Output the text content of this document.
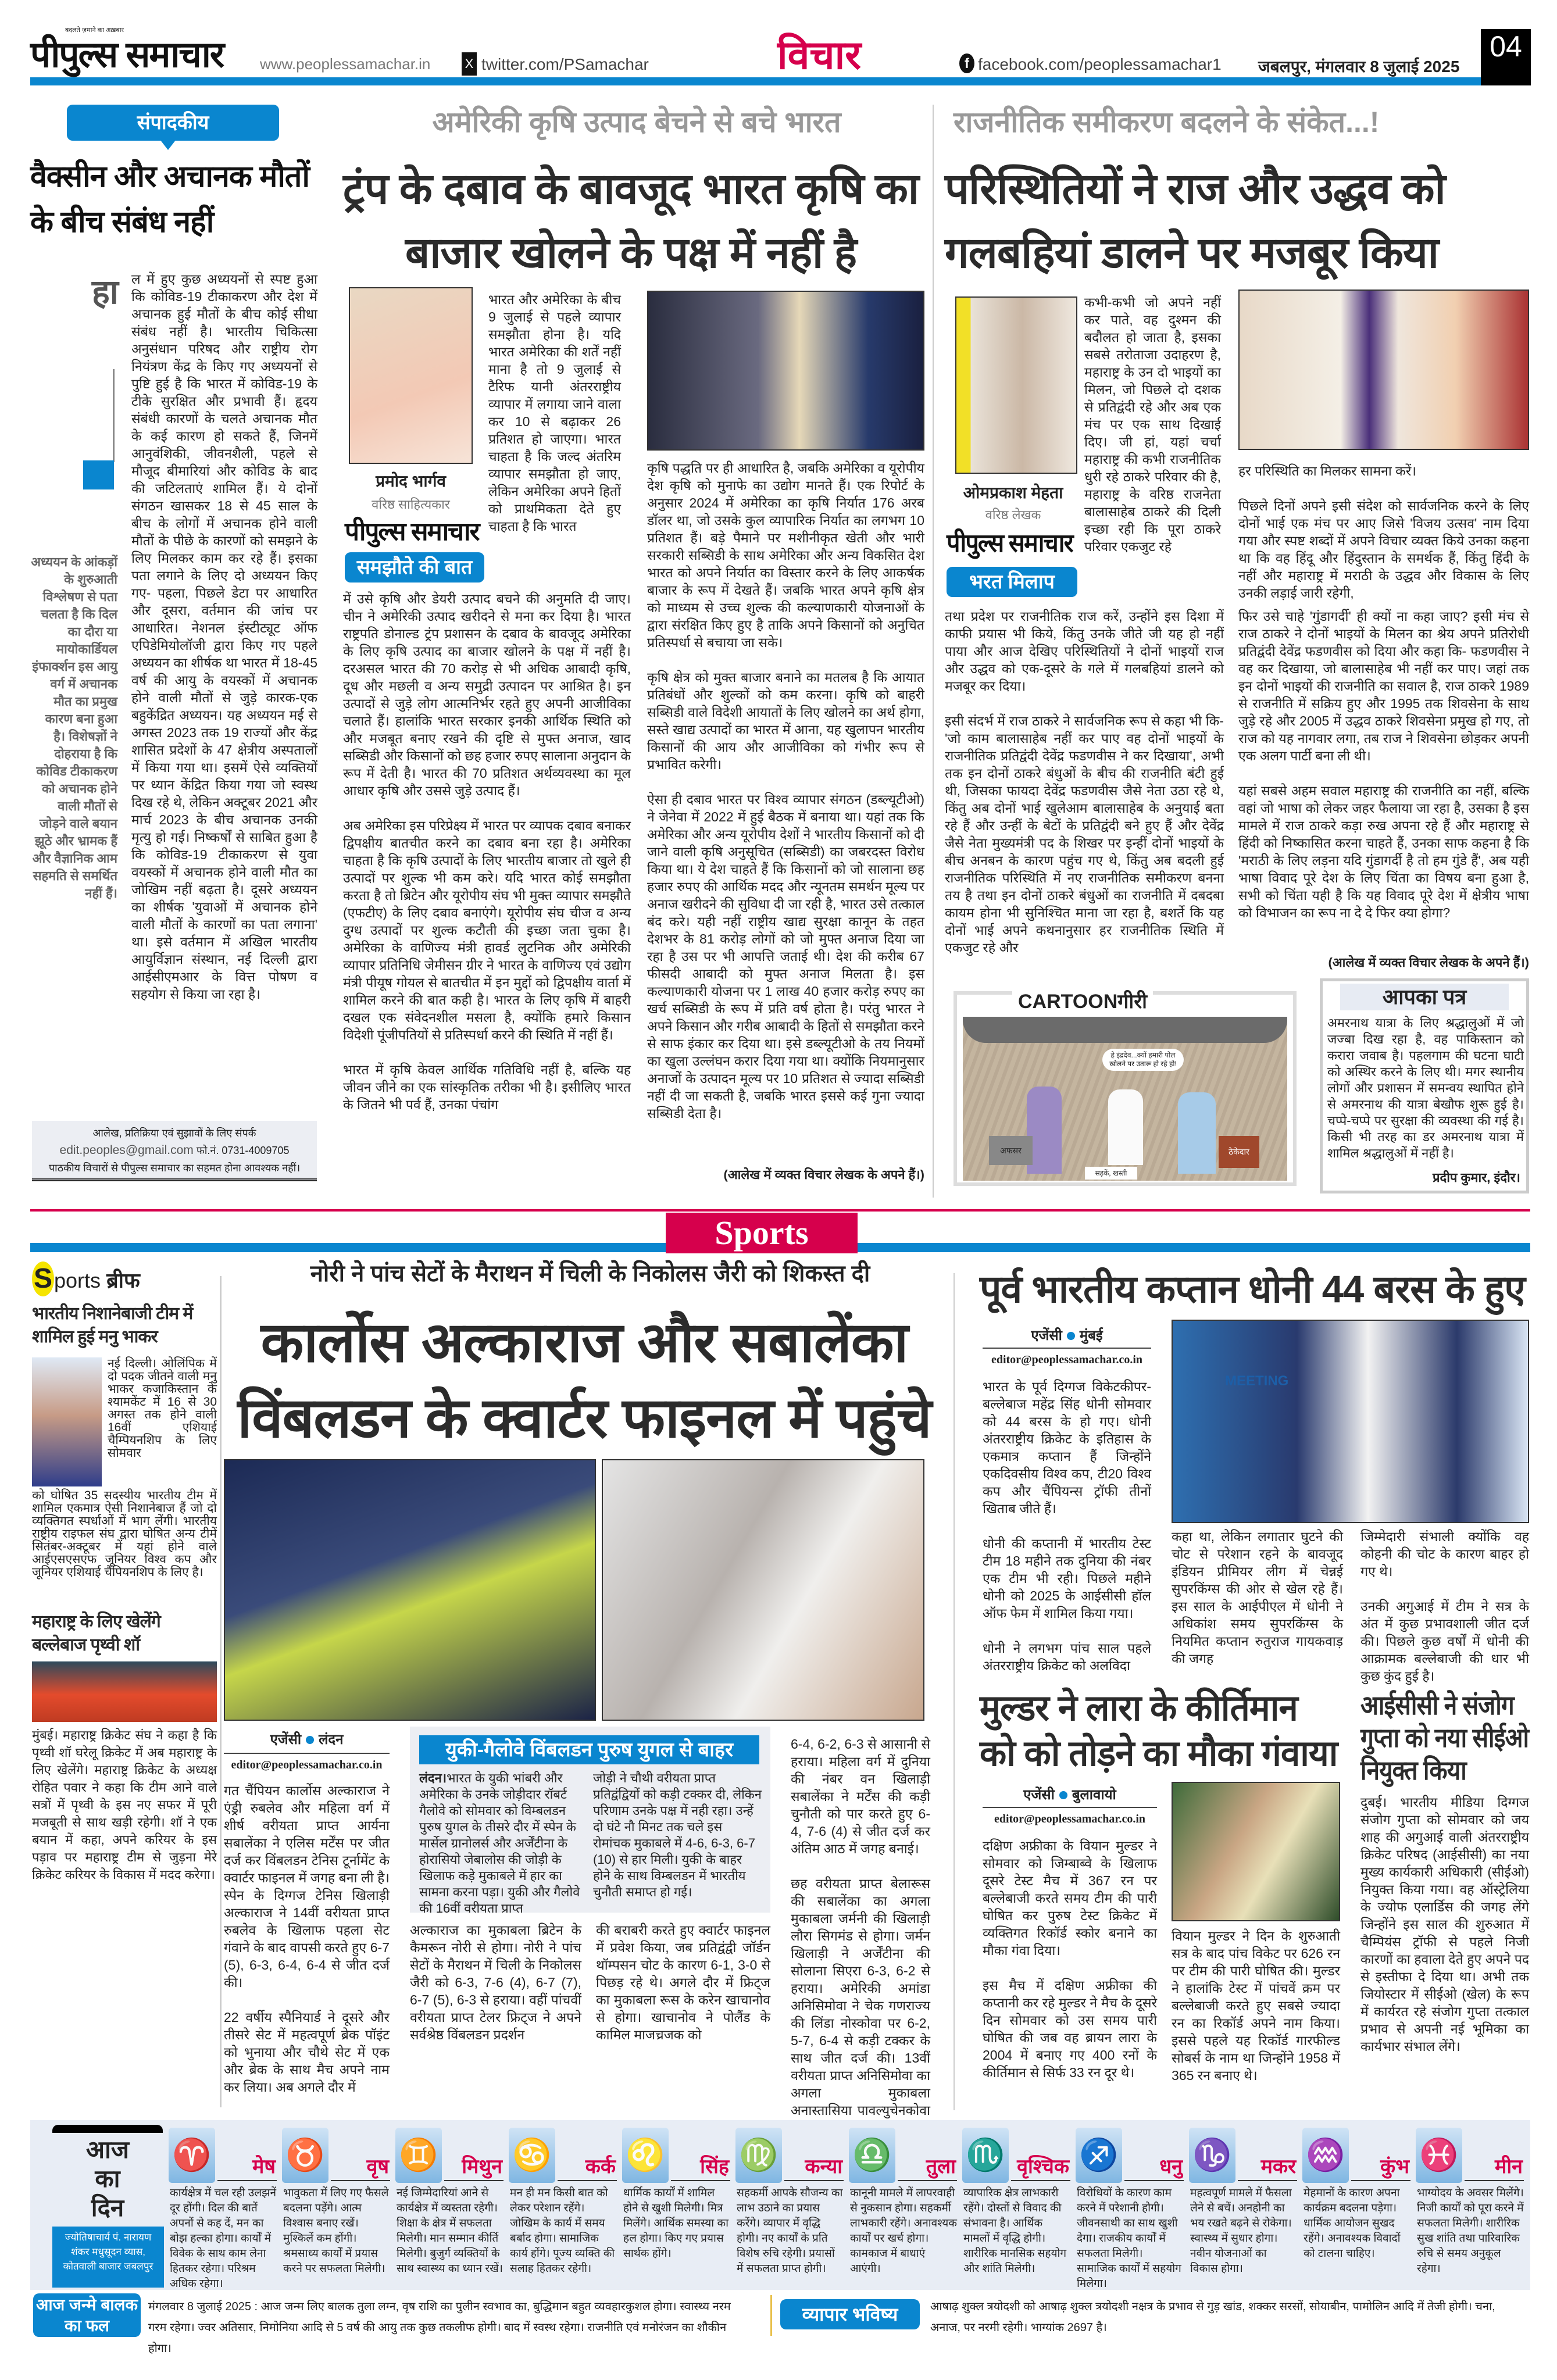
बदलते ज़माने का अख़बार
पीपुल्स समाचार www.peoplessamachar.in	X twitter.com/PSamachar	विचार	f facebook.com/peoplessamachar1 जबलपुर, मंगलवार 8 जुलाई 2025
04
संपादकीय
वैक्सीन और अचानक मौतों के बीच संबंध नहीं
हा
अध्ययन के आंकड़ों के शुरुआती विश्लेषण से पता चलता है कि दिल का दौरा या मायोकार्डियल इंफार्क्शन इस आयु वर्ग में अचानक मौत का प्रमुख कारण बना हुआ है। विशेषज्ञों ने दोहराया है कि कोविड टीकाकरण को अचानक होने वाली मौतों से जोड़ने वाले बयान झूठे और भ्रामक हैं और वैज्ञानिक आम सहमति से समर्थित नहीं हैं।
ल में हुए कुछ अध्ययनों से स्पष्ट हुआ कि कोविड-19 टीकाकरण और देश में अचानक हुई मौतों के बीच कोई सीधा संबंध नहीं है। भारतीय चिकित्सा अनुसंधान परिषद और राष्ट्रीय रोग नियंत्रण केंद्र के किए गए अध्ययनों से पुष्टि हुई है कि भारत में कोविड-19 के टीके सुरक्षित और प्रभावी हैं। हृदय संबंधी कारणों के चलते अचानक मौत के कई कारण हो सकते हैं, जिनमें आनुवंशिकी, जीवनशैली, पहले से मौजूद बीमारियां और कोविड के बाद की जटिलताएं शामिल हैं। ये दोनों संगठन खासकर 18 से 45 साल के बीच के लोगों में अचानक होने वाली मौतों के पीछे के कारणों को समझने के लिए मिलकर काम कर रहे हैं। इसका पता लगाने के लिए दो अध्ययन किए गए- पहला, पिछले डेटा पर आधारित और दूसरा, वर्तमान की जांच पर आधारित। नेशनल इंस्टीट्यूट ऑफ एपिडेमियोलॉजी द्वारा किए गए पहले अध्ययन का शीर्षक था भारत में 18-45 वर्ष की आयु के वयस्कों में अचानक होने वाली मौतों से जुड़े कारक-एक बहुकेंद्रित अध्ययन। यह अध्ययन मई से अगस्त 2023 तक 19 राज्यों और केंद्र शासित प्रदेशों के 47 क्षेत्रीय अस्पतालों में किया गया था। इसमें ऐसे व्यक्तियों पर ध्यान केंद्रित किया गया जो स्वस्थ दिख रहे थे, लेकिन अक्टूबर 2021 और मार्च 2023 के बीच अचानक उनकी मृत्यु हो गई। निष्कर्षों से साबित हुआ है कि कोविड-19 टीकाकरण से युवा वयस्कों में अचानक होने वाली मौत का जोखिम नहीं बढ़ता है। दूसरे अध्ययन का शीर्षक 'युवाओं में अचानक होने वाली मौतों के कारणों का पता लगाना' था। इसे वर्तमान में अखिल भारतीय आयुर्विज्ञान संस्थान, नई दिल्ली द्वारा आईसीएमआर के वित्त पोषण व सहयोग से किया जा रहा है।
आलेख, प्रतिक्रिया एवं सुझावों के लिए संपर्क
edit.peoples@gmail.com फो.नं. 0731-4009705
पाठकीय विचारों से पीपुल्स समाचार का सहमत होना आवश्यक नहीं।
अमेरिकी कृषि उत्पाद बेचने से बचे भारत
ट्रंप के दबाव के बावजूद भारत कृषि का बाजार खोलने के पक्ष में नहीं है
प्रमोद भार्गव
वरिष्ठ साहित्यकार
पीपुल्स समाचार
समझौते की बात
भारत और अमेरिका के बीच 9 जुलाई से पहले व्यापार समझौता होना है। यदि भारत अमेरिका की शर्तें नहीं माना है तो 9 जुलाई से टैरिफ यानी अंतरराष्ट्रीय व्यापार में लगाया जाने वाला कर 10 से बढ़ाकर 26 प्रतिशत हो जाएगा। भारत चाहता है कि जल्द अंतरिम व्यापार समझौता हो जाए, लेकिन अमेरिका अपने हितों को प्राथमिकता देते हुए चाहता है कि भारत
कृषि पद्धति पर ही आधारित है, जबकि अमेरिका व यूरोपीय देश कृषि को मुनाफे का उद्योग मानते हैं। एक रिपोर्ट के अनुसार 2024 में अमेरिका का कृषि निर्यात 176 अरब डॉलर था, जो उसके कुल व्यापारिक निर्यात का लगभग 10 प्रतिशत हैं। बड़े पैमाने पर मशीनीकृत खेती और भारी सरकारी सब्सिडी के साथ अमेरिका और अन्य विकसित देश भारत को अपने निर्यात का विस्तार करने के लिए आकर्षक बाजार के रूप में देखते हैं। जबकि भारत अपने कृषि क्षेत्र को माध्यम से उच्च शुल्क की कल्याणकारी योजनाओं के द्वारा संरक्षित किए हुए है ताकि अपने किसानों को अनुचित प्रतिस्पर्धा से बचाया जा सके।

कृषि क्षेत्र को मुक्त बाजार बनाने का मतलब है कि आयात प्रतिबंधों और शुल्कों को कम करना। कृषि को बाहरी सब्सिडी वाले विदेशी आयातों के लिए खोलने का अर्थ होगा, सस्ते खाद्य उत्पादों का भारत में आना, यह खुलापन भारतीय किसानों की आय और आजीविका को गंभीर रूप से प्रभावित करेगी।

ऐसा ही दबाव भारत पर विश्व व्यापार संगठन (डब्ल्यूटीओ) ने जेनेवा में 2022 में हुई बैठक में बनाया था। यहां तक कि अमेरिका और अन्य यूरोपीय देशों ने भारतीय किसानों को दी जाने वाली कृषि अनुसूचित (सब्सिडी) का जबरदस्त विरोध किया था। ये देश चाहते हैं कि किसानों को जो सालाना छह हजार रुपए की आर्थिक मदद और न्यूनतम समर्थन मूल्य पर अनाज खरीदने की सुविधा दी जा रही है, भारत उसे तत्काल बंद करे। यही नहीं राष्ट्रीय खाद्य सुरक्षा कानून के तहत देशभर के 81 करोड़ लोगों को जो मुफ्त अनाज दिया जा रहा है उस पर भी आपत्ति जताई थी। देश की करीब 67 फीसदी आबादी को मुफ्त अनाज मिलता है। इस कल्याणकारी योजना पर 1 लाख 40 हजार करोड़ रुपए का खर्च सब्सिडी के रूप में प्रति वर्ष होता है। परंतु भारत ने अपने किसान और गरीब आबादी के हितों से समझौता करने से साफ इंकार कर दिया था। इसे डब्ल्यूटीओ के तय नियमों का खुला उल्लंघन करार दिया गया था। क्योंकि नियमानुसार अनाजों के उत्पादन मूल्य पर 10 प्रतिशत से ज्यादा सब्सिडी नहीं दी जा सकती है, जबकि भारत इससे कई गुना ज्यादा सब्सिडी देता है।
में उसे कृषि और डेयरी उत्पाद बचने की अनुमति दी जाए। चीन ने अमेरिकी उत्पाद खरीदने से मना कर दिया है। भारत राष्ट्रपति डोनाल्ड ट्रंप प्रशासन के दबाव के बावजूद अमेरिका के लिए कृषि उत्पाद का बाजार खोलने के पक्ष में नहीं है। दरअसल भारत की 70 करोड़ से भी अधिक आबादी कृषि, दूध और मछली व अन्य समुद्री उत्पादन पर आश्रित है। इन उत्पादों से जुड़े लोग आत्मनिर्भर रहते हुए अपनी आजीविका चलाते हैं। हालांकि भारत सरकार इनकी आर्थिक स्थिति को और मजबूत बनाए रखने की दृष्टि से मुफ्त अनाज, खाद सब्सिडी और किसानों को छह हजार रुपए सालाना अनुदान के रूप में देती है। भारत की 70 प्रतिशत अर्थव्यवस्था का मूल आधार कृषि और उससे जुड़े उत्पाद हैं।

अब अमेरिका इस परिप्रेक्ष्य में भारत पर व्यापक दबाव बनाकर द्विपक्षीय बातचीत करने का दबाव बना रहा है। अमेरिका चाहता है कि कृषि उत्पादों के लिए भारतीय बाजार तो खुले ही उत्पादों पर शुल्क भी कम करे। यदि भारत कोई समझौता करता है तो ब्रिटेन और यूरोपीय संघ भी मुक्त व्यापार समझौते (एफटीए) के लिए दबाव बनाएंगे। यूरोपीय संघ चीज व अन्य दुग्ध उत्पादों पर शुल्क कटौती की इच्छा जता चुका है। अमेरिका के वाणिज्य मंत्री हावर्ड लुटनिक और अमेरिकी व्यापार प्रतिनिधि जेमीसन ग्रीर ने भारत के वाणिज्य एवं उद्योग मंत्री पीयूष गोयल से बातचीत में इन मुद्दों को द्विपक्षीय वार्ता में शामिल करने की बात कही है। भारत के लिए कृषि में बाहरी दखल एक संवेदनशील मसला है, क्योंकि हमारे किसान विदेशी पूंजीपतियों से प्रतिस्पर्धा करने की स्थिति में नहीं हैं।

भारत में कृषि केवल आर्थिक गतिविधि नहीं है, बल्कि यह जीवन जीने का एक सांस्कृतिक तरीका भी है। इसीलिए भारत के जितने भी पर्व हैं, उनका पंचांग
(आलेख में व्यक्त विचार लेखक के अपने हैं।)
राजनीतिक समीकरण बदलने के संकेत...!
परिस्थितियों ने राज और उद्धव को गलबहियां डालने पर मजबूर किया
ओमप्रकाश मेहता
वरिष्ठ लेखक
पीपुल्स समाचार
भरत मिलाप
कभी-कभी जो अपने नहीं कर पाते, वह दुश्मन की बदौलत हो जाता है, इसका सबसे तरोताजा उदाहरण है, महाराष्ट्र के उन दो भाइयों का मिलन, जो पिछले दो दशक से प्रतिद्वंदी रहे और अब एक मंच पर एक साथ दिखाई दिए। जी हां, यहां चर्चा महाराष्ट्र की कभी राजनीतिक धुरी रहे ठाकरे परिवार की है, महाराष्ट्र के वरिष्ठ राजनेता बालासाहेब ठाकरे की दिली इच्छा रही कि पूरा ठाकरे परिवार एकजुट रहे
हर परिस्थिति का मिलकर सामना करें।

पिछले दिनों अपने इसी संदेश को सार्वजनिक करने के लिए दोनों भाई एक मंच पर आए जिसे 'विजय उत्सव' नाम दिया गया और स्पष्ट शब्दों में अपने विचार व्यक्त किये उनका कहना था कि वह हिंदू और हिंदुस्तान के समर्थक हैं, किंतु हिंदी के नहीं और महाराष्ट्र में मराठी के उद्धव और विकास के लिए उनकी लड़ाई जारी रहेगी,
तथा प्रदेश पर राजनीतिक राज करें, उन्होंने इस दिशा में काफी प्रयास भी किये, किंतु उनके जीते जी यह हो नहीं पाया और आज देखिए परिस्थितियों ने दोनों भाइयों राज और उद्धव को एक-दूसरे के गले में गलबहियां डालने को मजबूर कर दिया।

इसी संदर्भ में राज ठाकरे ने सार्वजनिक रूप से कहा भी कि- 'जो काम बालासाहेब नहीं कर पाए वह दोनों भाइयों के राजनीतिक प्रतिद्वंदी देवेंद्र फडणवीस ने कर दिखाया', अभी तक इन दोनों ठाकरे बंधुओं के बीच की राजनीति बंटी हुई थी, जिसका फायदा देवेंद्र फडणवीस जैसे नेता उठा रहे थे, किंतु अब दोनों भाई खुलेआम बालासाहेब के अनुयाई बता रहे हैं और उन्हीं के बेटों के प्रतिद्वंदी बने हुए हैं और देवेंद्र जैसे नेता मुख्यमंत्री पद के शिखर पर इन्हीं दोनों भाइयों के बीच अनबन के कारण पहुंच गए थे, किंतु अब बदली हुई राजनीतिक परिस्थिति में नए राजनीतिक समीकरण बनना तय है तथा इन दोनों ठाकरे बंधुओं का राजनीति में दबदबा कायम होना भी सुनिश्चित माना जा रहा है, बशर्ते कि यह दोनों भाई अपने कथनानुसार हर राजनीतिक स्थिति में एकजुट रहे और
फिर उसे चाहे 'गुंडागर्दी' ही क्यों ना कहा जाए? इसी मंच से राज ठाकरे ने दोनों भाइयों के मिलन का श्रेय अपने प्रतिरोधी प्रतिद्वंदी देवेंद्र फडणवीस को दिया और कहा कि- फडणवीस ने वह कर दिखाया, जो बालासाहेब भी नहीं कर पाए। जहां तक इन दोनों भाइयों की राजनीति का सवाल है, राज ठाकरे 1989 से राजनीति में सक्रिय हुए और 1995 तक शिवसेना के साथ जुड़े रहे और 2005 में उद्धव ठाकरे शिवसेना प्रमुख हो गए, तो राज को यह नागवार लगा, तब राज ने शिवसेना छोड़कर अपनी एक अलग पार्टी बना ली थी।

यहां सबसे अहम सवाल महाराष्ट्र की राजनीति का नहीं, बल्कि वहां जो भाषा को लेकर जहर फैलाया जा रहा है, उसका है इस मामले में राज ठाकरे कड़ा रुख अपना रहे हैं और महाराष्ट्र से हिंदी को निष्कासित करना चाहते हैं, उनका साफ कहना है कि 'मराठी के लिए लड़ना यदि गुंडागर्दी है तो हम गुंडे हैं', अब यही भाषा विवाद पूरे देश के लिए चिंता का विषय बना हुआ है, सभी को चिंता यही है कि यह विवाद पूरे देश में क्षेत्रीय भाषा को विभाजन का रूप ना दे दे फिर क्या होगा?
(आलेख में व्यक्त विचार लेखक के अपने हैं।)
CARTOONगीरी
हे इंद्रदेव...क्यों हमारी पोल खोलने पर उतारू हो रहे हो!
अफसर	ठेकेदार
सड़कें, खस्ती
आपका पत्र
अमरनाथ यात्रा के लिए श्रद्धालुओं में जो जज्बा दिख रहा है, वह पाकिस्तान को करारा जवाब है। पहलगाम की घटना घाटी को अस्थिर करने के लिए थी। मगर स्थानीय लोगों और प्रशासन में समन्वय स्थापित होने से अमरनाथ की यात्रा बेखौफ शुरू हुई है। चप्पे-चप्पे पर सुरक्षा की व्यवस्था की गई है। किसी भी तरह का डर अमरनाथ यात्रा में शामिल श्रद्धालुओं में नहीं है।
प्रदीप कुमार, इंदौर।
Sports
Sports ब्रीफ
भारतीय निशानेबाजी टीम में शामिल हुई मनु भाकर
नई दिल्ली। ओलिंपिक में दो पदक जीतने वाली मनु भाकर कजाकिस्तान के श्यामकेंट में 16 से 30 अगस्त तक होने वाली 16वीं एशियाई चैम्पियनशिप के लिए सोमवार
को घोषित 35 सदस्यीय भारतीय टीम में शामिल एकमात्र ऐसी निशानेबाज हैं जो दो व्यक्तिगत स्पर्धाओं में भाग लेंगी। भारतीय राष्ट्रीय राइफल संघ द्वारा घोषित अन्य टीमें सितंबर-अक्टूबर में यहां होने वाले आईएसएसएफ जूनियर विश्व कप और जूनियर एशियाई चैंपियनशिप के लिए है।
महाराष्ट्र के लिए खेलेंगे बल्लेबाज पृथ्वी शॉ
मुंबई। महाराष्ट्र क्रिकेट संघ ने कहा है कि पृथ्वी शॉ घरेलू क्रिकेट में अब महाराष्ट्र के लिए खेलेंगे। महाराष्ट्र क्रिकेट के अध्यक्ष रोहित पवार ने कहा कि टीम आने वाले सत्रों में पृथ्वी के इस नए सफर में पूरी मजबूती से साथ खड़ी रहेगी। शॉ ने एक बयान में कहा, अपने करियर के इस पड़ाव पर महाराष्ट्र टीम से जुड़ना मेरे क्रिकेट करियर के विकास में मदद करेगा।
नोरी ने पांच सेटों के मैराथन में चिली के निकोलस जैरी को शिकस्त दी
कार्लोस अल्काराज और सबालेंका
विंबलडन के क्वार्टर फाइनल में पहुंचे
एजेंसी लंदन
editor@peoplessamachar.co.in
गत चैंपियन कार्लोस अल्काराज ने एंड्री रुबलेव और महिला वर्ग में शीर्ष वरीयता प्राप्त आर्यना सबालेंका ने एलिस मर्टेंस पर जीत दर्ज कर विंबलडन टेनिस टूर्नामेंट के क्वार्टर फाइनल में जगह बना ली है। स्पेन के दिग्गज टेनिस खिलाड़ी अल्काराज ने 14वीं वरीयता प्राप्त रुबलेव के खिलाफ पहला सेट गंवाने के बाद वापसी करते हुए 6-7 (5), 6-3, 6-4, 6-4 से जीत दर्ज की।

22 वर्षीय स्पैनियार्ड ने दूसरे और तीसरे सेट में महत्वपूर्ण ब्रेक पॉइंट को भुनाया और चौथे सेट में एक और ब्रेक के साथ मैच अपने नाम कर लिया। अब अगले दौर में
युकी-गैलोवे विंबलडन पुरुष युगल से बाहर
लंदन।भारत के युकी भांबरी और अमेरिका के उनके जोड़ीदार रॉबर्ट गैलोवे को सोमवार को विम्बलडन पुरुष युगल के तीसरे दौर में स्पेन के मार्सेल ग्रानोलर्स और अर्जेंटीना के होरासियो जेबालोस की जोड़ी के खिलाफ कड़े मुकाबले में हार का सामना करना पड़ा। युकी और गैलोवे की 16वीं वरीयता प्राप्त
जोड़ी ने चौथी वरीयता प्राप्त प्रतिद्वंद्वियों को कड़ी टक्कर दी, लेकिन परिणाम उनके पक्ष में नही रहा। उन्हें दो घंटे नौ मिनट तक चले इस रोमांचक मुकाबले में 4-6, 6-3, 6-7 (10) से हार मिली। युकी के बाहर होने के साथ विम्बलडन में भारतीय चुनौती समाप्त हो गई।
अल्काराज का मुकाबला ब्रिटेन के कैमरून नोरी से होगा। नोरी ने पांच सेटों के मैराथन में चिली के निकोलस जैरी को 6-3, 7-6 (4), 6-7 (7), 6-7 (5), 6-3 से हराया। वहीं पांचवीं वरीयता प्राप्त टेलर फ्रिट्ज ने अपने सर्वश्रेष्ठ विंबलडन प्रदर्शन
की बराबरी करते हुए क्वार्टर फाइनल में प्रवेश किया, जब प्रतिद्वंद्वी जॉर्डन थॉम्पसन चोट के कारण 6-1, 3-0 से पिछड़ रहे थे। अगले दौर में फ्रिट्ज का मुकाबला रूस के करेन खाचानोव से होगा। खाचानोव ने पोलैंड के कामिल माजच्रजक को
6-4, 6-2, 6-3 से आसानी से हराया। महिला वर्ग में दुनिया की नंबर वन खिलाड़ी सबालेंका ने मर्टेंस की कड़ी चुनौती को पार करते हुए 6-4, 7-6 (4) से जीत दर्ज कर अंतिम आठ में जगह बनाई।

छह वरीयता प्राप्त बेलारूस की सबालेंका का अगला मुकाबला जर्मनी की खिलाड़ी लौरा सिगमंड से होगा। जर्मन खिलाड़ी ने अर्जेंटीना की सोलाना सिएरा 6-3, 6-2 से हराया। अमेरिकी अमांडा अनिसिमोवा ने चेक गणराज्य की लिंडा नोस्कोवा पर 6-2, 5-7, 6-4 से कड़ी टक्कर के साथ जीत दर्ज की। 13वीं वरीयता प्राप्त अनिसिमोवा का अगला मुकाबला अनास्तासिया पावल्युचेनकोवा
पूर्व भारतीय कप्तान धोनी 44 बरस के हुए
एजेंसी मुंबई
editor@peoplessamachar.co.in
भारत के पूर्व दिग्गज विकेटकीपर-बल्लेबाज महेंद्र सिंह धोनी सोमवार को 44 बरस के हो गए। धोनी अंतरराष्ट्रीय क्रिकेट के इतिहास के एकमात्र कप्तान हैं जिन्होंने एकदिवसीय विश्व कप, टी20 विश्व कप और चैंपियन्स ट्रॉफी तीनों खिताब जीते हैं।

धोनी की कप्तानी में भारतीय टेस्ट टीम 18 महीने तक दुनिया की नंबर एक टीम भी रही। पिछले महीने धोनी को 2025 के आईसीसी हॉल ऑफ फेम में शामिल किया गया।

धोनी ने लगभग पांच साल पहले अंतरराष्ट्रीय क्रिकेट को अलविदा
MEETING
कहा था, लेकिन लगातार घुटने की चोट से परेशान रहने के बावजूद इंडियन प्रीमियर लीग में चेन्नई सुपरकिंग्स की ओर से खेल रहे हैं। इस साल के आईपीएल में धोनी ने अधिकांश समय सुपरकिंग्स के नियमित कप्तान रुतुराज गायकवाड़ की जगह
जिम्मेदारी संभाली क्योंकि वह कोहनी की चोट के कारण बाहर हो गए थे।

उनकी अगुआई में टीम ने सत्र के अंत में कुछ प्रभावशाली जीत दर्ज की। पिछले कुछ वर्षों में धोनी की आक्रामक बल्लेबाजी की धार भी कुछ कुंद हुई है।
मुल्डर ने लारा के कीर्तिमान को को तोड़ने का मौका गंवाया
एजेंसी बुलावायो
editor@peoplessamachar.co.in
दक्षिण अफ्रीका के वियान मुल्डर ने सोमवार को जिम्बाब्वे के खिलाफ दूसरे टेस्ट मैच में 367 रन पर बल्लेबाजी करते समय टीम की पारी घोषित कर पुरुष टेस्ट क्रिकेट में व्यक्तिगत रिकॉर्ड स्कोर बनाने का मौका गंवा दिया।

इस मैच में दक्षिण अफ्रीका की कप्तानी कर रहे मुल्डर ने मैच के दूसरे दिन सोमवार को उस समय पारी घोषित की जब वह ब्रायन लारा के 2004 में बनाए गए 400 रनों के कीर्तिमान से सिर्फ 33 रन दूर थे।
वियान मुल्डर ने दिन के शुरुआती सत्र के बाद पांच विकेट पर 626 रन पर टीम की पारी घोषित की। मुल्डर ने हालांकि टेस्ट में पांचवें क्रम पर बल्लेबाजी करते हुए सबसे ज्यादा रन का रिकॉर्ड अपने नाम किया। इससे पहले यह रिकॉर्ड गारफील्ड सोबर्स के नाम था जिन्होंने 1958 में 365 रन बनाए थे।
आईसीसी ने संजोग गुप्ता को नया सीईओ नियुक्त किया
दुबई। भारतीय मीडिया दिग्गज संजोग गुप्ता को सोमवार को जय शाह की अगुआई वाली अंतरराष्ट्रीय क्रिकेट परिषद (आईसीसी) का नया मुख्य कार्यकारी अधिकारी (सीईओ) नियुक्त किया गया। वह ऑस्ट्रेलिया के ज्योफ एलार्डिस की जगह लेंगे जिन्होंने इस साल की शुरुआत में चैम्पियंस ट्रॉफी से पहले निजी कारणों का हवाला देते हुए अपने पद से इस्तीफा दे दिया था। अभी तक जियोस्टार में सीईओ (खेल) के रूप में कार्यरत रहे संजोग गुप्ता तत्काल प्रभाव से अपनी नई भूमिका का कार्यभार संभाल लेंगे।
आज
का
दिन
ज्योतिषाचार्य पं. नारायण शंकर मधुसूदन व्यास, कोतवाली बाजार जबलपुर
♈ मेष
कार्यक्षेत्र में चल रही उलझनें दूर होंगी। दिल की बातें अपनों से कह दें, मन का बोझ हल्का होगा। कार्यों में विवेक के साथ काम लेना हितकर रहेगा। परिश्रम अधिक रहेगा।
♉ वृष
भावुकता में लिए गए फैसले बदलना पड़ेंगे। आत्म विश्वास बनाए रखें। मुश्किलें कम होंगी। श्रमसाध्य कार्यों में प्रयास करने पर सफलता मिलेगी।
♊ मिथुन
नई जिम्मेदारियां आने से कार्यक्षेत्र में व्यस्तता रहेगी। शिक्षा के क्षेत्र में सफलता मिलेगी। मान सम्मान कीर्ति मिलेगी। बुजुर्ग व्यक्तियों के साथ स्वास्थ्य का ध्यान रखें।
♋ कर्क
मन ही मन किसी बात को लेकर परेशान रहेंगे। जोखिम के कार्य में समय बर्बाद होगा। सामाजिक कार्य होंगे। पूज्य व्यक्ति की सलाह हितकर रहेगी।
♌ सिंह
धार्मिक कार्यों में शामिल होने से खुशी मिलेगी। मित्र मिलेंगे। आर्थिक समस्या का हल होगा। किए गए प्रयास सार्थक होंगे।
♍ कन्या
सहकर्मी आपके सौजन्य का लाभ उठाने का प्रयास करेंगे। व्यापार में वृद्धि होगी। नए कार्यों के प्रति विशेष रुचि रहेगी। प्रयासों में सफलता प्राप्त होगी।
♎ तुला
कानूनी मामले में लापरवाही से नुकसान होगा। सहकर्मी लाभकारी रहेंगे। अनावश्यक कार्यों पर खर्च होगा। कामकाज में बाधाएं आएंगी।
♏ वृश्चिक
व्यापारिक क्षेत्र लाभकारी रहेंगे। दोस्तों से विवाद की संभावना है। आर्थिक मामलों में वृद्धि होगी। शारीरिक मानसिक सहयोग और शांति मिलेगी।
♐ धनु
विरोधियों के कारण काम करने में परेशानी होगी। जीवनसाथी का साथ खुशी देगा। राजकीय कार्यों में सफलता मिलेगी। सामाजिक कार्यों में सहयोग मिलेगा।
♑ मकर
महत्वपूर्ण मामले में फैसला लेने से बचें। अनहोनी का भय रखते बढ़ने से रोकेगा। स्वास्थ्य में सुधार होगा। नवीन योजनाओं का विकास होगा।
♒ कुंभ
मेहमानों के कारण अपना कार्यक्रम बदलना पड़ेगा। धार्मिक आयोजन सुखद रहेंगे। अनावश्यक विवादों को टालना चाहिए।
♓ मीन
भाग्योदय के अवसर मिलेंगे। निजी कार्यों को पूरा करने में सफलता मिलेगी। शारीरिक सुख शांति तथा पारिवारिक रुचि से समय अनुकूल रहेगा।
आज जन्मे बालक का फल
मंगलवार 8 जुलाई 2025 : आज जन्म लिए बालक तुला लग्न, वृष राशि का पुलीन स्वभाव का, बुद्धिमान बहुत व्यवहारकुशल होगा। स्वास्थ्य नरम गरम रहेगा। ज्वर अतिसार, निमोनिया आदि से 5 वर्ष की आयु तक कुछ तकलीफ होगी। बाद में स्वस्थ रहेगा। राजनीति एवं मनोरंजन का शौकीन होगा।
व्यापार भविष्य	आषाढ़ शुक्ल त्रयोदशी को आषाढ़ शुक्ल त्रयोदशी नक्षत्र के प्रभाव से गुड़ खांड, शक्कर सरसों, सोयाबीन, पामोलिन आदि में तेजी होगी। चना, अनाज, पर नरमी रहेगी। भाग्यांक 2697 है।
